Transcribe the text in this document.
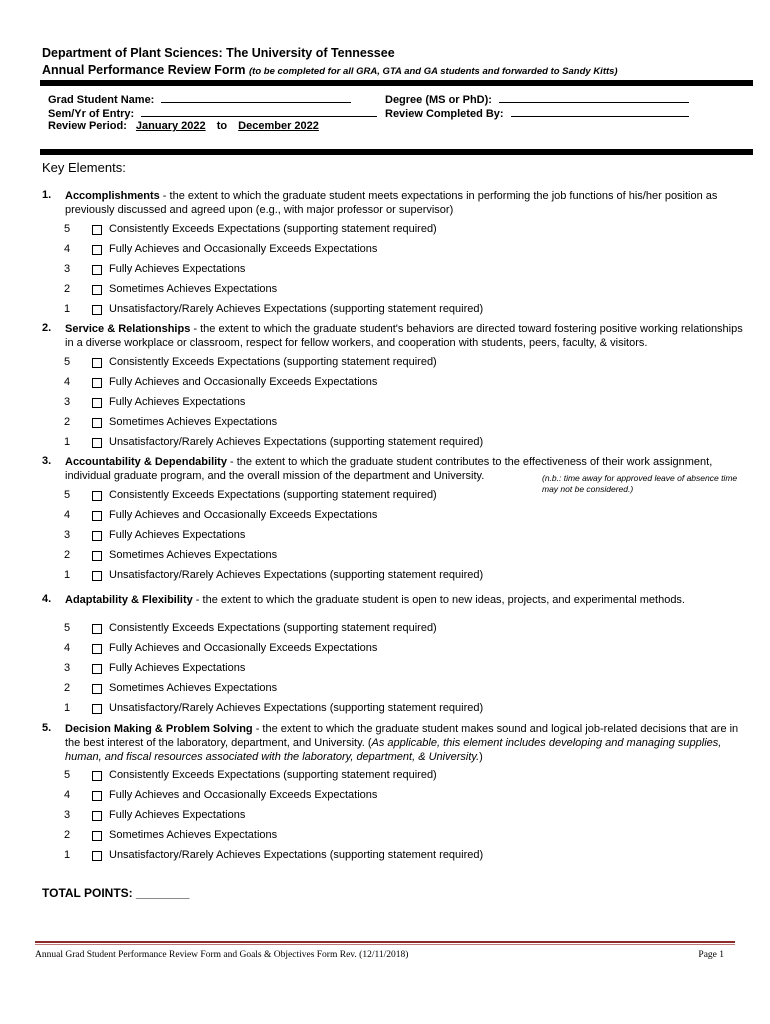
Department of Plant Sciences: The University of Tennessee
Annual Performance Review Form (to be completed for all GRA, GTA and GA students and forwarded to Sandy Kitts)
Grad Student Name:
Sem/Yr of Entry:
Review Period: January 2022 to December 2022
Degree (MS or PhD):
Review Completed By:
Key Elements:
1. Accomplishments - the extent to which the graduate student meets expectations in performing the job functions of his/her position as previously discussed and agreed upon (e.g., with major professor or supervisor)
2. Service & Relationships - the extent to which the graduate student's behaviors are directed toward fostering positive working relationships in a diverse workplace or classroom, respect for fellow workers, and cooperation with students, peers, faculty, & visitors.
3. Accountability & Dependability - the extent to which the graduate student contributes to the effectiveness of their work assignment, individual graduate program, and the overall mission of the department and University.	(n.b.: time away for approved leave of absence time may not be considered.)
4. Adaptability & Flexibility - the extent to which the graduate student is open to new ideas, projects, and experimental methods.
5. Decision Making & Problem Solving - the extent to which the graduate student makes sound and logical job-related decisions that are in the best interest of the laboratory, department, and University. (As applicable, this element includes developing and managing supplies, human, and fiscal resources associated with the laboratory, department, & University.)
5	Consistently Exceeds Expectations (supporting statement required)
4	Fully Achieves and Occasionally Exceeds Expectations
3	Fully Achieves Expectations
2	Sometimes Achieves Expectations
1	Unsatisfactory/Rarely Achieves Expectations (supporting statement required)
5	Consistently Exceeds Expectations (supporting statement required)
4	Fully Achieves and Occasionally Exceeds Expectations
3	Fully Achieves Expectations
2	Sometimes Achieves Expectations
1	Unsatisfactory/Rarely Achieves Expectations (supporting statement required)
5	Consistently Exceeds Expectations (supporting statement required)
4	Fully Achieves and Occasionally Exceeds Expectations
3	Fully Achieves Expectations
2	Sometimes Achieves Expectations
1	Unsatisfactory/Rarely Achieves Expectations (supporting statement required)
5	Consistently Exceeds Expectations (supporting statement required)
4	Fully Achieves and Occasionally Exceeds Expectations
3	Fully Achieves Expectations
2	Sometimes Achieves Expectations
1	Unsatisfactory/Rarely Achieves Expectations (supporting statement required)
5	Consistently Exceeds Expectations (supporting statement required)
4	Fully Achieves and Occasionally Exceeds Expectations
3	Fully Achieves Expectations
2	Sometimes Achieves Expectations
1	Unsatisfactory/Rarely Achieves Expectations (supporting statement required)
TOTAL POINTS: ________
Annual Grad Student Performance Review Form and Goals & Objectives Form Rev. (12/11/2018)	Page 1
